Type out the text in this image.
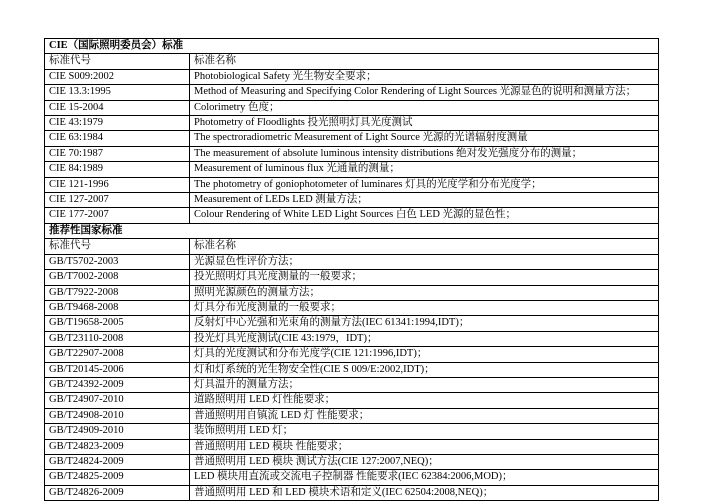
CIE（国际照明委员会）标准	
标准代号	标准名称
CIE S009:2002	Photobiological Safety 光生物安全要求；
CIE 13.3:1995	Method of Measuring and Specifying Color Rendering of Light Sources 光源显色的说明和测量方法；
CIE 15-2004	Colorimetry 色度；
CIE 43:1979	Photometry of Floodlights 投光照明灯具光度测试
CIE 63:1984	The spectroradiometric Measurement of Light Source 光源的光谱辐射度测量
CIE 70:1987	The measurement of absolute luminous intensity distributions 绝对发光强度分布的测量；
CIE 84:1989	Measurement of luminous flux 光通量的测量；
CIE 121-1996	The photometry of goniophotometer of luminares 灯具的光度学和分布光度学；
CIE 127-2007	Measurement of LEDs LED 测量方法；
CIE 177-2007	Colour Rendering of White LED Light Sources 白色 LED 光源的显色性；
推荐性国家标准	
标准代号	标准名称
GB/T5702-2003	光源显色性评价方法；
GB/T7002-2008	投光照明灯具光度测量的一般要求；
GB/T7922-2008	照明光源颜色的测量方法；
GB/T9468-2008	灯具分布光度测量的一般要求；
GB/T19658-2005	反射灯中心光强和光束角的测量方法(IEC 61341:1994,IDT)；
GB/T23110-2008	投光灯具光度测试(CIE 43:1979，IDT)；
GB/T22907-2008	灯具的光度测试和分布光度学(CIE 121:1996,IDT)；
GB/T20145-2006	灯和灯系统的光生物安全性(CIE S 009/E:2002,IDT)；
GB/T24392-2009	灯具温升的测量方法；
GB/T24907-2010	道路照明用 LED 灯性能要求；
GB/T24908-2010	普通照明用自镇流 LED 灯 性能要求；
GB/T24909-2010	装饰照明用 LED 灯；
GB/T24823-2009	普通照明用 LED 模块 性能要求；
GB/T24824-2009	普通照明用 LED 模块 测试方法(CIE 127:2007,NEQ)；
GB/T24825-2009	LED 模块用直流或交流电子控制器 性能要求(IEC 62384:2006,MOD)；
GB/T24826-2009	普通照明用 LED 和 LED 模块术语和定义(IEC 62504:2008,NEQ)；
